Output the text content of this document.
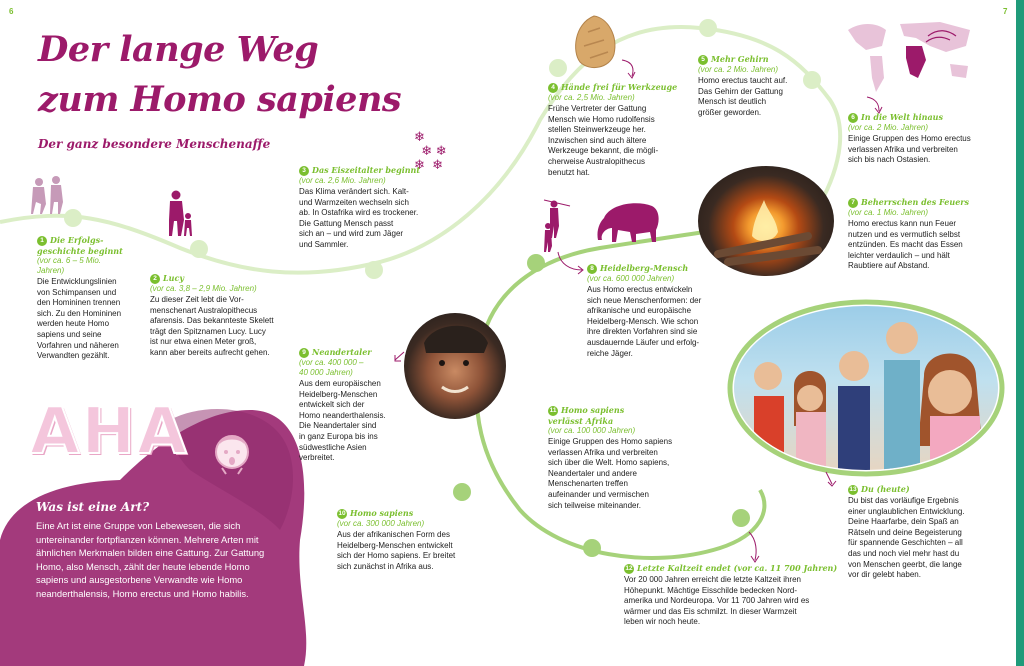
6	7
Der lange Weg
zum Homo sapiens
Der ganz besondere Menschenaffe	❄
❄ ❄
❄  ❄
AHA
Was ist eine Art?
Eine Art ist eine Gruppe von Lebewesen, die sich untereinander fortpflanzen können. Mehrere Arten mit ähnlichen Merkmalen bilden eine Gattung. Zur Gattung Homo, also Mensch, zählt der heute lebende Homo sapiens und ausgestorbene Verwandte wie Homo neanderthalensis, Homo erectus und Homo habilis.
1 Die Erfolgs-
geschichte beginnt
(vor ca. 6 – 5 Mio.
Jahren)
Die Entwicklungslinien
von Schimpansen und
den Homininen trennen
sich. Zu den Homininen
werden heute Homo
sapiens und seine
Vorfahren und näheren
Verwandten gezählt.
2 Lucy
(vor ca. 3,8 – 2,9 Mio. Jahren)
Zu dieser Zeit lebt die Vor-
menschenart Australopithecus
afarensis. Das bekannteste Skelett
trägt den Spitznamen Lucy. Lucy
ist nur etwa einen Meter groß,
kann aber bereits aufrecht gehen.
3 Das Eiszeitalter beginnt
(vor ca. 2,6 Mio. Jahren)
Das Klima verändert sich. Kalt-
und Warmzeiten wechseln sich
ab. In Ostafrika wird es trockener.
Die Gattung Mensch passt
sich an – und wird zum Jäger
und Sammler.
4 Hände frei für Werkzeuge
(vor ca. 2,5 Mio. Jahren)
Frühe Vertreter der Gattung
Mensch wie Homo rudolfensis
stellen Steinwerkzeuge her.
Inzwischen sind auch ältere
Werkzeuge bekannt, die mögli-
cherweise Australopithecus
benutzt hat.
5 Mehr Gehirn
(vor ca. 2 Mio. Jahren)
Homo erectus taucht auf.
Das Gehirn der Gattung
Mensch ist deutlich
größer geworden.
6 In die Welt hinaus
(vor ca. 2 Mio. Jahren)
Einige Gruppen des Homo erectus
verlassen Afrika und verbreiten
sich bis nach Ostasien.
7 Beherrschen des Feuers
(vor ca. 1 Mio. Jahren)
Homo erectus kann nun Feuer
nutzen und es vermutlich selbst
entzünden. Es macht das Essen
leichter verdaulich – und hält
Raubtiere auf Abstand.
8 Heidelberg-Mensch
(vor ca. 600 000 Jahren)
Aus Homo erectus entwickeln
sich neue Menschenformen: der
afrikanische und europäische
Heidelberg-Mensch. Wie schon
ihre direkten Vorfahren sind sie
ausdauernde Läufer und erfolg-
reiche Jäger.
9 Neandertaler
(vor ca. 400 000 –
40 000 Jahren)
Aus dem europäischen
Heidelberg-Menschen
entwickelt sich der
Homo neanderthalensis.
Die Neandertaler sind
in ganz Europa bis ins
südwestliche Asien
verbreitet.
10 Homo sapiens
(vor ca. 300 000 Jahren)
Aus der afrikanischen Form des
Heidelberg-Menschen entwickelt
sich der Homo sapiens. Er breitet
sich zunächst in Afrika aus.
11 Homo sapiens
verlässt Afrika
(vor ca. 100 000 Jahren)
Einige Gruppen des Homo sapiens
verlassen Afrika und verbreiten
sich über die Welt. Homo sapiens,
Neandertaler und andere
Menschenarten treffen
aufeinander und vermischen
sich teilweise miteinander.
12 Letzte Kaltzeit endet (vor ca. 11 700 Jahren)
Vor 20 000 Jahren erreicht die letzte Kaltzeit ihren
Höhepunkt. Mächtige Eisschilde bedecken Nord-
amerika und Nordeuropa. Vor 11 700 Jahren wird es
wärmer und das Eis schmilzt. In dieser Warmzeit
leben wir noch heute.
13 Du (heute)
Du bist das vorläufige Ergebnis
einer unglaublichen Entwicklung.
Deine Haarfarbe, dein Spaß an
Rätseln und deine Begeisterung
für spannende Geschichten – all
das und noch viel mehr hast du
von Menschen geerbt, die lange
vor dir gelebt haben.
